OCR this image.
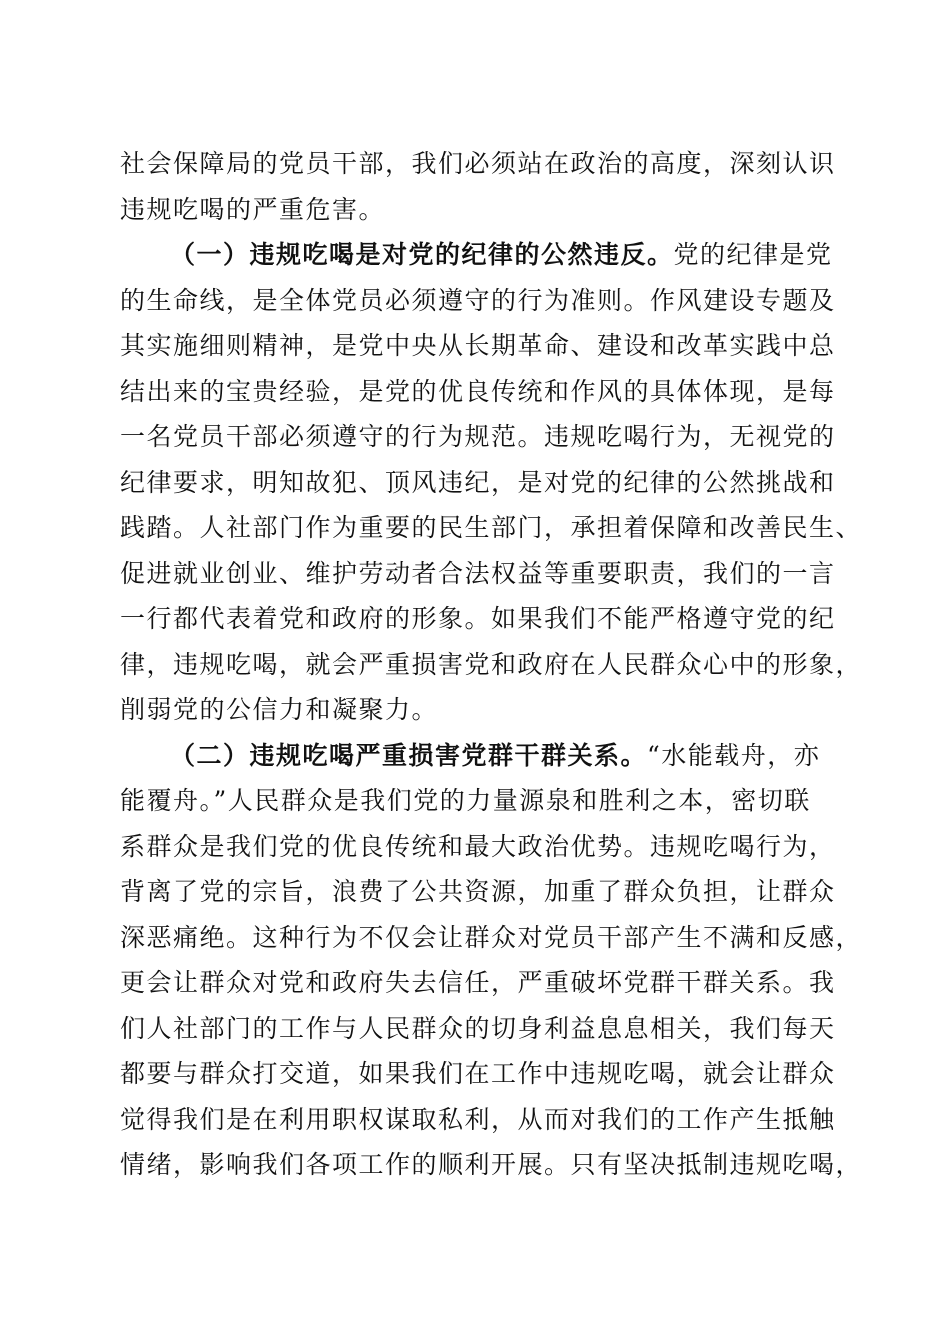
社会保障局的党员干部，我们必须站在政治的高度，深刻认识
违规吃喝的严重危害。
（一）违规吃喝是对党的纪律的公然违反。党的纪律是党
的生命线，是全体党员必须遵守的行为准则。作风建设专题及
其实施细则精神，是党中央从长期革命、建设和改革实践中总
结出来的宝贵经验，是党的优良传统和作风的具体体现，是每
一名党员干部必须遵守的行为规范。违规吃喝行为，无视党的
纪律要求，明知故犯、顶风违纪，是对党的纪律的公然挑战和
践踏。人社部门作为重要的民生部门，承担着保障和改善民生、
促进就业创业、维护劳动者合法权益等重要职责，我们的一言
一行都代表着党和政府的形象。如果我们不能严格遵守党的纪
律，违规吃喝，就会严重损害党和政府在人民群众心中的形象，
削弱党的公信力和凝聚力。
（二）违规吃喝严重损害党群干群关系。“水能载舟，亦
能覆舟。”人民群众是我们党的力量源泉和胜利之本，密切联
系群众是我们党的优良传统和最大政治优势。违规吃喝行为，
背离了党的宗旨，浪费了公共资源，加重了群众负担，让群众
深恶痛绝。这种行为不仅会让群众对党员干部产生不满和反感，
更会让群众对党和政府失去信任，严重破坏党群干群关系。我
们人社部门的工作与人民群众的切身利益息息相关，我们每天
都要与群众打交道，如果我们在工作中违规吃喝，就会让群众
觉得我们是在利用职权谋取私利，从而对我们的工作产生抵触
情绪，影响我们各项工作的顺利开展。只有坚决抵制违规吃喝，
